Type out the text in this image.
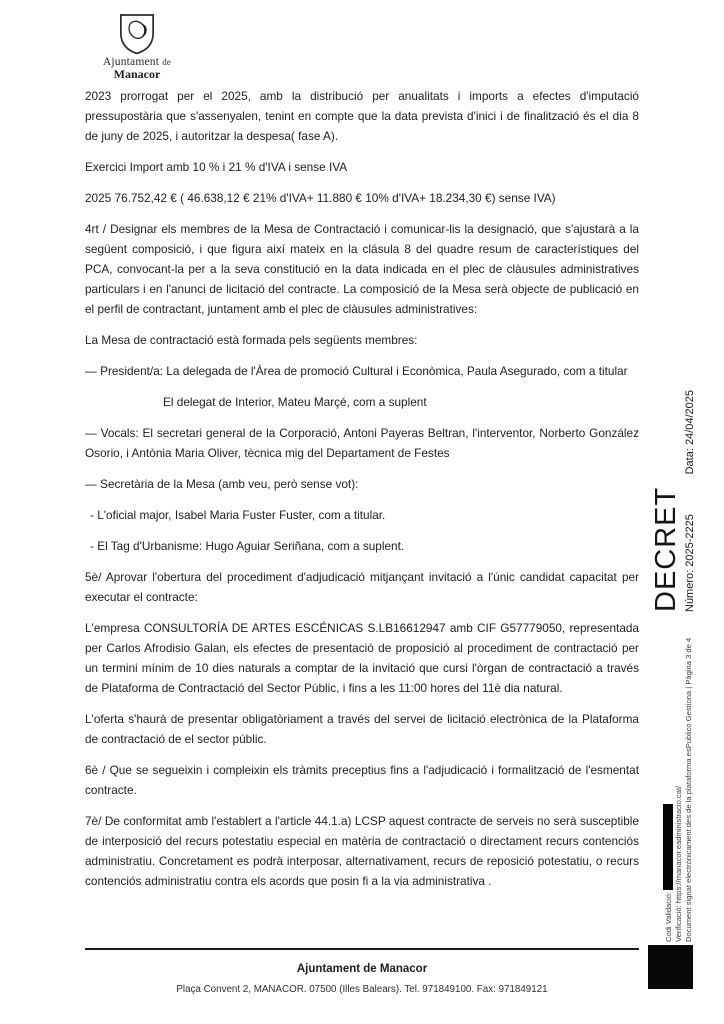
Ajuntament de
Manacor

2023 prorrogat per el 2025, amb la distribució per anualitats i imports a efectes d'imputació pressupostària que s'assenyalen, tenint en compte que la data prevista d'inici i de finalització és el dia 8 de juny de 2025, i autoritzar la despesa( fase A).

Exercici Import amb 10 % i 21 % d'IVA i sense IVA

2025 76.752,42 € ( 46.638,12 € 21% d'IVA+ 11.880 € 10% d'IVA+ 18.234,30 €) sense IVA)

4rt / Designar els membres de la Mesa de Contractació i comunicar-lis la designació, que s'ajustarà a la següent composició, i que figura així mateix en la clásula 8 del quadre resum de característiques del PCA, convocant-la per a la seva constitució en la data indicada en el plec de clàusules administratives particulars i en l'anunci de licitació del contracte. La composició de la Mesa serà objecte de publicació en el perfil de contractant, juntament amb el plec de clàusules administratives:

La Mesa de contractació està formada pels següents membres:

— President/a: La delegada de l'Àrea de promoció Cultural i Econòmica, Paula Asegurado, com a titular

El delegat de Interior, Mateu Marçé, com a suplent

— Vocals: El secretari general de la Corporació, Antoni Payeras Beltran, l'interventor, Norberto González Osorio, i Antònia Maria Oliver, tècnica mig del Departament de Festes

— Secretària de la Mesa (amb veu, però sense vot):

- L'oficial major, Isabel Maria Fuster Fuster, com a titular.

- El Tag d'Urbanisme: Hugo Aguiar Seriñana, com a suplent.

5è/ Aprovar l'obertura del procediment d'adjudicació mitjançant invitació a l'únic candidat capacitat per executar el contracte:

L'empresa CONSULTORÍA DE ARTES ESCÉNICAS S.LB16612947 amb CIF G57779050, representada per Carlos Afrodisio Galan, els efectes de presentació de proposició al procediment de contractació per un termini mínim de 10 dies naturals a comptar de la invitació que cursi l'òrgan de contractació a través de Plataforma de Contractació del Sector Públic, i fins a les 11:00 hores del 11è dia natural.

L'oferta s'haurà de presentar obligatòriament a través del servei de licitació electrònica de la Plataforma de contractació de el sector públic.

6è / Que se segueixin i compleixin els tràmits preceptius fins a l'adjudicació i formalització de l'esmentat contracte.

7è/ De conformitat amb l'establert a l'article 44.1.a) LCSP aquest contracte de serveis no serà susceptible de interposició del recurs potestatiu especial en matèria de contractació o directament recurs contenciós administratiu. Concretament es podrà interposar, alternativament, recurs de reposició potestatiu, o recurs contenciós administratiu contra els acords que posin fi a la via administrativa .

DECRET Número: 2025-2225
Data: 24/04/2025
Codi Validació: Verificació: https://manacor.eadministracio.cat/ Document signat electrònicament des de la plataforma esPublico Gestiona | Pàgina 3 de 4
Ajuntament de Manacor
Plaça Convent 2, MANACOR. 07500 (Illes Balears). Tel. 971849100. Fax: 971849121
